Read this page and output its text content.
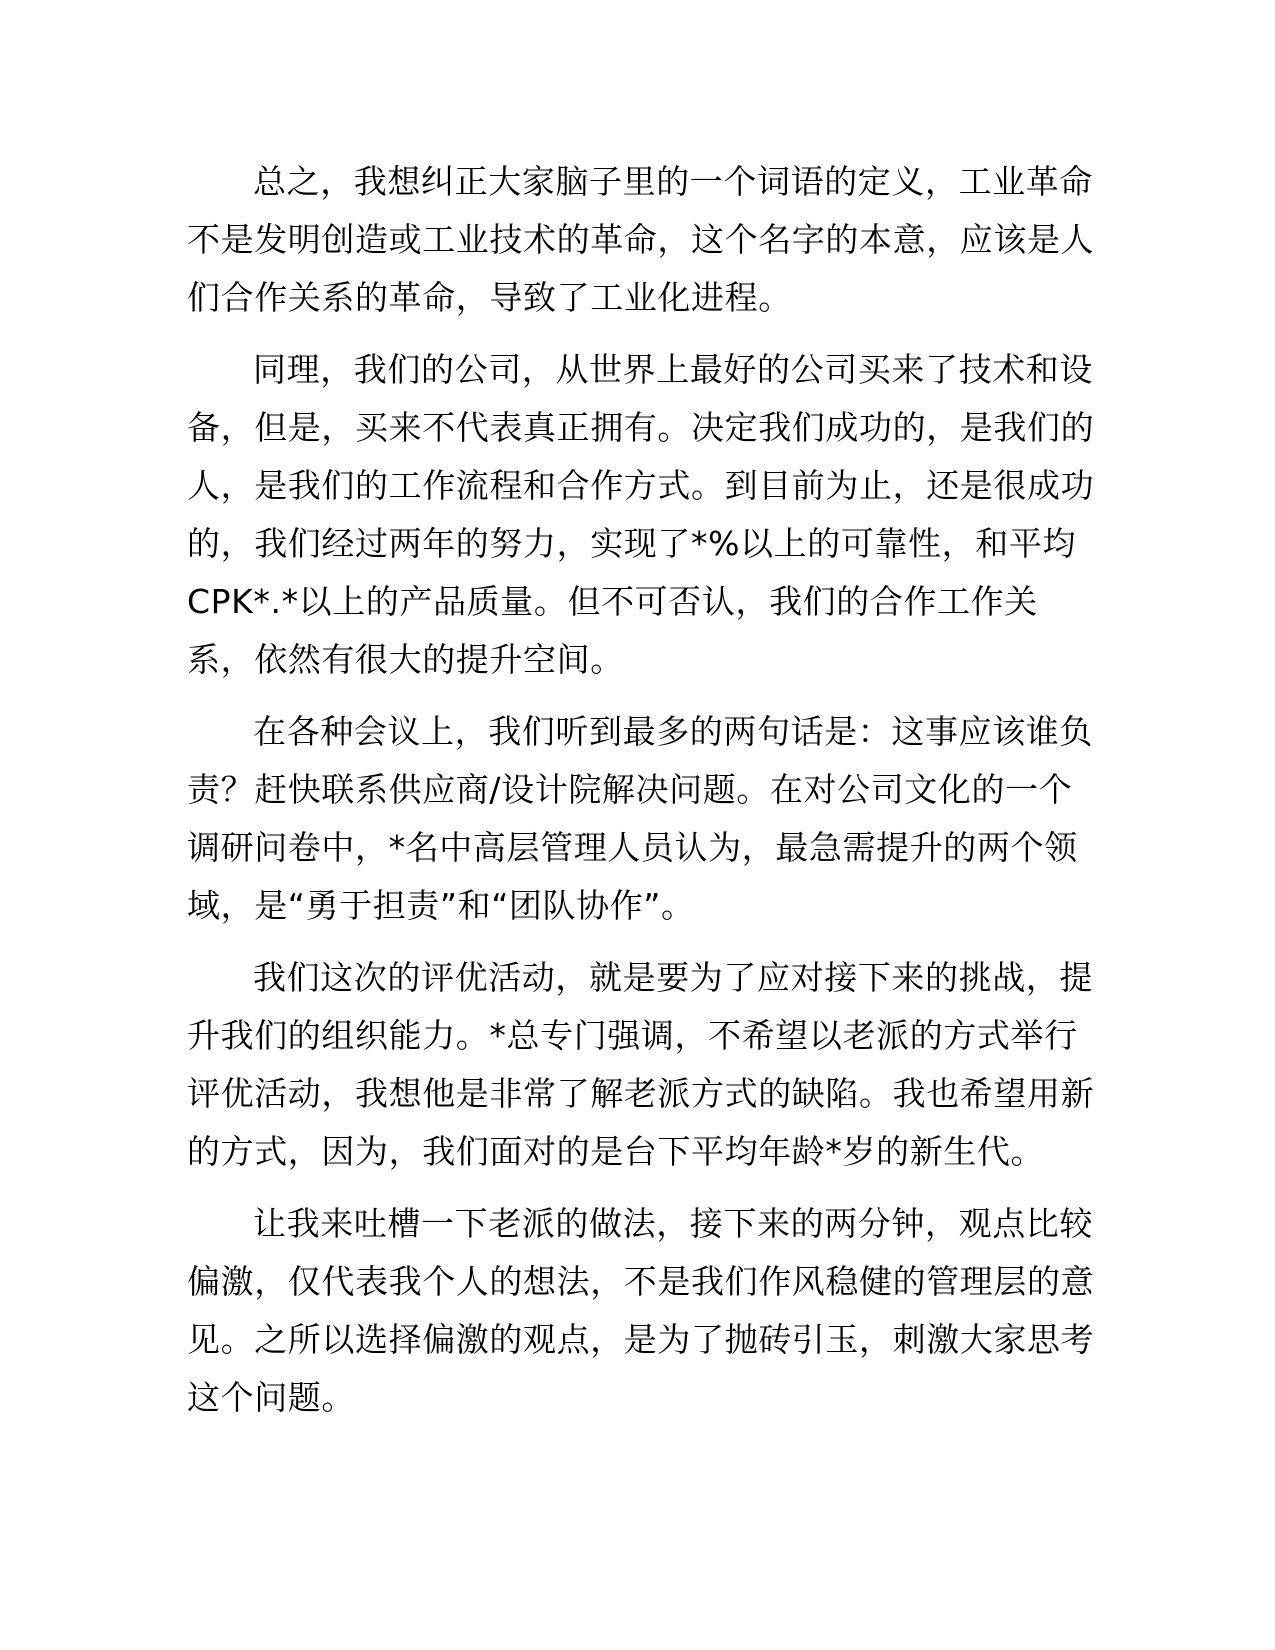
总之，我想纠正大家脑子里的一个词语的定义，工业革命
不是发明创造或工业技术的革命，这个名字的本意，应该是人
们合作关系的革命，导致了工业化进程。
同理，我们的公司，从世界上最好的公司买来了技术和设
备，但是，买来不代表真正拥有。决定我们成功的，是我们的
人，是我们的工作流程和合作方式。到目前为止，还是很成功
的，我们经过两年的努力，实现了*%以上的可靠性，和平均
CPK*.*以上的产品质量。但不可否认，我们的合作工作关
系，依然有很大的提升空间。
在各种会议上，我们听到最多的两句话是：这事应该谁负
责？赶快联系供应商/设计院解决问题。在对公司文化的一个
调研问卷中，*名中高层管理人员认为，最急需提升的两个领
域，是“勇于担责”和“团队协作”。
我们这次的评优活动，就是要为了应对接下来的挑战，提
升我们的组织能力。*总专门强调，不希望以老派的方式举行
评优活动，我想他是非常了解老派方式的缺陷。我也希望用新
的方式，因为，我们面对的是台下平均年龄*岁的新生代。
让我来吐槽一下老派的做法，接下来的两分钟，观点比较
偏激，仅代表我个人的想法，不是我们作风稳健的管理层的意
见。之所以选择偏激的观点，是为了抛砖引玉，刺激大家思考
这个问题。
